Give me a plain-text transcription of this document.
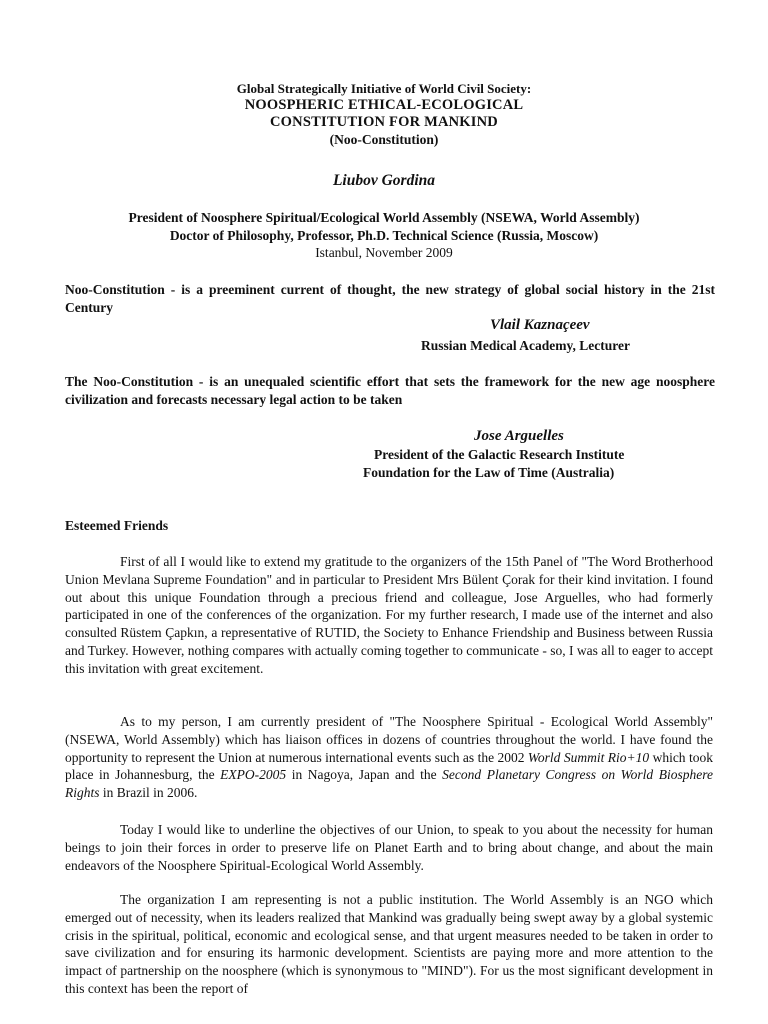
Global Strategically Initiative of World Civil Society:
NOOSPHERIC ETHICAL-ECOLOGICAL
CONSTITUTION FOR MANKIND
(Noo-Constitution)
Liubov Gordina
President of Noosphere Spiritual/Ecological World Assembly (NSEWA, World Assembly)
Doctor of Philosophy, Professor, Ph.D. Technical Science (Russia, Moscow)
Istanbul, November 2009
Noo-Constitution - is a preeminent current of thought, the new strategy of global social history in the 21st Century
Vlail Kaznaçeev
Russian Medical Academy, Lecturer
The Noo-Constitution - is an unequaled scientific effort that sets the framework for the new age noosphere civilization and forecasts necessary legal action to be taken
Jose Arguelles
President of the Galactic Research Institute
Foundation for the Law of Time (Australia)
Esteemed Friends

First of all I would like to extend my gratitude to the organizers of the 15th Panel of "The Word Brotherhood Union Mevlana Supreme Foundation" and in particular to President Mrs Bülent Çorak for their kind invitation. I found out about this unique Foundation through a precious friend and colleague, Jose Arguelles, who had formerly participated in one of the conferences of the organization. For my further research, I made use of the internet and also consulted Rüstem Çapkın, a representative of RUTID, the Society to Enhance Friendship and Business between Russia and Turkey. However, nothing compares with actually coming together to communicate - so, I was all to eager to accept this invitation with great excitement.

As to my person, I am currently president of "The Noosphere Spiritual - Ecological World Assembly" (NSEWA, World Assembly) which has liaison offices in dozens of countries throughout the world. I have found the opportunity to represent the Union at numerous international events such as the 2002 World Summit Rio+10 which took place in Johannesburg, the EXPO-2005 in Nagoya, Japan and the Second Planetary Congress on World Biosphere Rights in Brazil in 2006.

Today I would like to underline the objectives of our Union, to speak to you about the necessity for human beings to join their forces in order to preserve life on Planet Earth and to bring about change, and about the main endeavors of the Noosphere Spiritual-Ecological World Assembly.

The organization I am representing is not a public institution. The World Assembly is an NGO which emerged out of necessity, when its leaders realized that Mankind was gradually being swept away by a global systemic crisis in the spiritual, political, economic and ecological sense, and that urgent measures needed to be taken in order to save civilization and for ensuring its harmonic development. Scientists are paying more and more attention to the impact of partnership on the noosphere (which is synonymous to "MIND"). For us the most significant development in this context has been the report of
